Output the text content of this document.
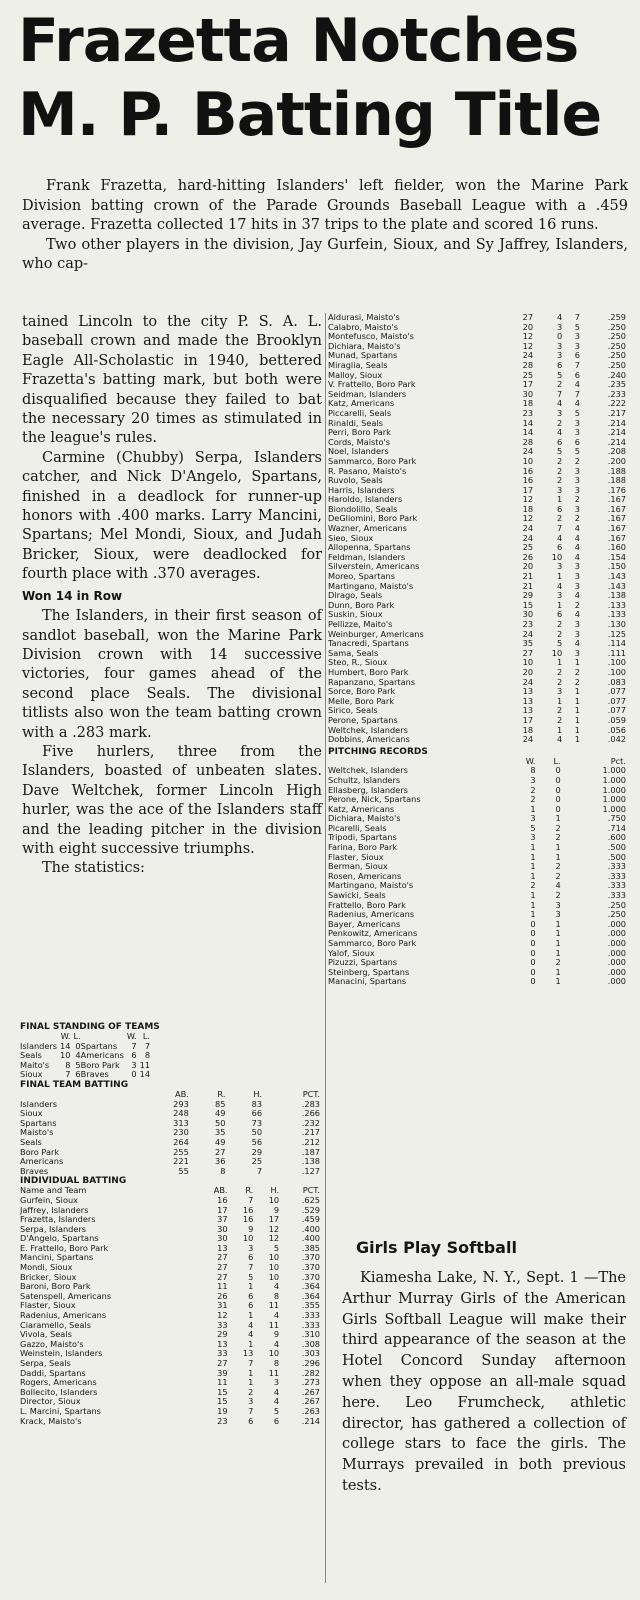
Frazetta Notches
M. P. Batting Title

Frank Frazetta, hard-hitting Islanders' left fielder, won the Marine Park Division batting crown of the Parade Grounds Baseball League with a .459 average. Frazetta collected 17 hits in 37 trips to the plate and scored 16 runs.

Two other players in the division, Jay Gurfein, Sioux, and Sy Jaffrey, Islanders, who cap-

tained Lincoln to the city P. S. A. L. baseball crown and made the Brooklyn Eagle All-Scholastic in 1940, bettered Frazetta's batting mark, but both were disqualified because they failed to bat the necessary 20 times as stimulated in the league's rules.

Carmine (Chubby) Serpa, Islanders catcher, and Nick D'Angelo, Spartans, finished in a deadlock for runner-up honors with .400 marks. Larry Mancini, Spartans; Mel Mondi, Sioux, and Judah Bricker, Sioux, were deadlocked for fourth place with .370 averages.

Won 14 in Row

The Islanders, in their first season of sandlot baseball, won the Marine Park Division crown with 14 successive victories, four games ahead of the second place Seals. The divisional titlists also won the team batting crown with a .283 mark.

Five hurlers, three from the Islanders, boasted of unbeaten slates. Dave Weltchek, former Lincoln High hurler, was the ace of the Islanders staff and the leading pitcher in the division with eight successive triumphs.

The statistics:

FINAL STANDING OF TEAMS

	W.	L.		W.	L.
Islanders	14	0	Spartans	7	7
Seals	10	4	Americans	6	8
Maito's	8	5	Boro Park	3	11
Sioux	7	6	Braves	0	14

FINAL TEAM BATTING

	AB.	R.	H.	PCT.
Islanders	293	85	83	.283
Sioux	248	49	66	.266
Spartans	313	50	73	.232
Maisto's	230	35	50	.217
Seals	264	49	56	.212
Boro Park	255	27	29	.187
Americans	221	36	25	.138
Braves	55	8	7	.127

INDIVIDUAL BATTING

Name and Team	AB.	R.	H.	PCT.
Gurfein, Sioux	16	7	10	.625
Jaffrey, Islanders	17	16	9	.529
Frazetta, Islanders	37	16	17	.459
Serpa, Islanders	30	9	12	.400
D'Angelo, Spartans	30	10	12	.400
E. Frattello, Boro Park	13	3	5	.385
Mancini, Spartans	27	6	10	.370
Mondi, Sioux	27	7	10	.370
Bricker, Sioux	27	5	10	.370
Baroni, Boro Park	11	1	4	.364
Satenspell, Americans	26	6	8	.364
Flaster, Sioux	31	6	11	.355
Radenius, Americans	12	1	4	.333
Ciaramello, Seals	33	4	11	.333
Vivola, Seals	29	4	9	.310
Gazzo, Maisto's	13	1	4	.308
Weinstein, Islanders	33	13	10	.303
Serpa, Seals	27	7	8	.296
Daddi, Spartans	39	1	11	.282
Rogers, Americans	11	1	3	.273
Bollecito, Islanders	15	2	4	.267
Director, Sioux	15	3	4	.267
L. Marcini, Spartans	19	7	5	.263
Krack, Maisto's	23	6	6	.214
Aldurasi, Maisto's	27	4	7	.259
Calabro, Maisto's	20	3	5	.250
Montefusco, Maisto's	12	0	3	.250
Dichiara, Maisto's	12	3	3	.250
Munad, Spartans	24	3	6	.250
Miraglia, Seals	28	6	7	.250
Malloy, Sioux	25	5	6	.240
V. Frattello, Boro Park	17	2	4	.235
Seidman, Islanders	30	7	7	.233
Katz, Americans	18	4	4	.222
Piccarelli, Seals	23	3	5	.217
Rinaldi, Seals	14	2	3	.214
Perri, Boro Park	14	4	3	.214
Cords, Maisto's	28	6	6	.214
Noel, Islanders	24	5	5	.208
Sammarco, Boro Park	10	2	2	.200
R. Pasano, Maisto's	16	2	3	.188
Ruvolo, Seals	16	2	3	.188
Harris, Islanders	17	3	3	.176
Haroldo, Islanders	12	1	2	.167
Biondolillo, Seals	18	6	3	.167
DeGliomini, Boro Park	12	2	2	.167
Wazner, Americans	24	7	4	.167
Sieo, Sioux	24	4	4	.167
Allopenna, Spartans	25	6	4	.160
Feldman, Islanders	26	10	4	.154
Silverstein, Americans	20	3	3	.150
Moreo, Spartans	21	1	3	.143
Martingano, Maisto's	21	4	3	.143
Dirago, Seals	29	3	4	.138
Dunn, Boro Park	15	1	2	.133
Suskin, Sioux	30	6	4	.133
Pellizze, Maito's	23	2	3	.130
Weinburger, Americans	24	2	3	.125
Tanacredi, Spartans	35	5	4	.114
Sama, Seals	27	10	3	.111
Steo, R., Sioux	10	1	1	.100
Humbert, Boro Park	20	2	2	.100
Rapanzano, Spartans	24	2	2	.083
Sorce, Boro Park	13	3	1	.077
Melle, Boro Park	13	1	1	.077
Sirico, Seals	13	2	1	.077
Perone, Spartans	17	2	1	.059
Weltchek, Islanders	18	1	1	.056
Dobbins, Americans	24	4	1	.042

PITCHING RECORDS

	W.	L.	Pct.
Weltchek, Islanders	8	0	1.000
Schultz, Islanders	3	0	1.000
Ellasberg, Islanders	2	0	1.000
Perone, Nick, Spartans	2	0	1.000
Katz, Americans	1	0	1.000
Dichiara, Maisto's	3	1	.750
Picarelli, Seals	5	2	.714
Tripodi, Spartans	3	2	.600
Farina, Boro Park	1	1	.500
Flaster, Sioux	1	1	.500
Berman, Sioux	1	2	.333
Rosen, Americans	1	2	.333
Martingano, Maisto's	2	4	.333
Sawicki, Seals	1	2	.333
Frattello, Boro Park	1	3	.250
Radenius, Americans	1	3	.250
Bayer, Americans	0	1	.000
Penkowitz, Americans	0	1	.000
Sammarco, Boro Park	0	1	.000
Yalof, Sioux	0	1	.000
Pizuzzi, Spartans	0	2	.000
Steinberg, Spartans	0	1	.000
Manacini, Spartans	0	1	.000
Girls Play Softball

Kiamesha Lake, N. Y., Sept. 1 —The Arthur Murray Girls of the American Girls Softball League will make their third appearance of the season at the Hotel Concord Sunday afternoon when they oppose an all-male squad here. Leo Frumcheck, athletic director, has gathered a collection of college stars to face the girls. The Murrays prevailed in both previous tests.
